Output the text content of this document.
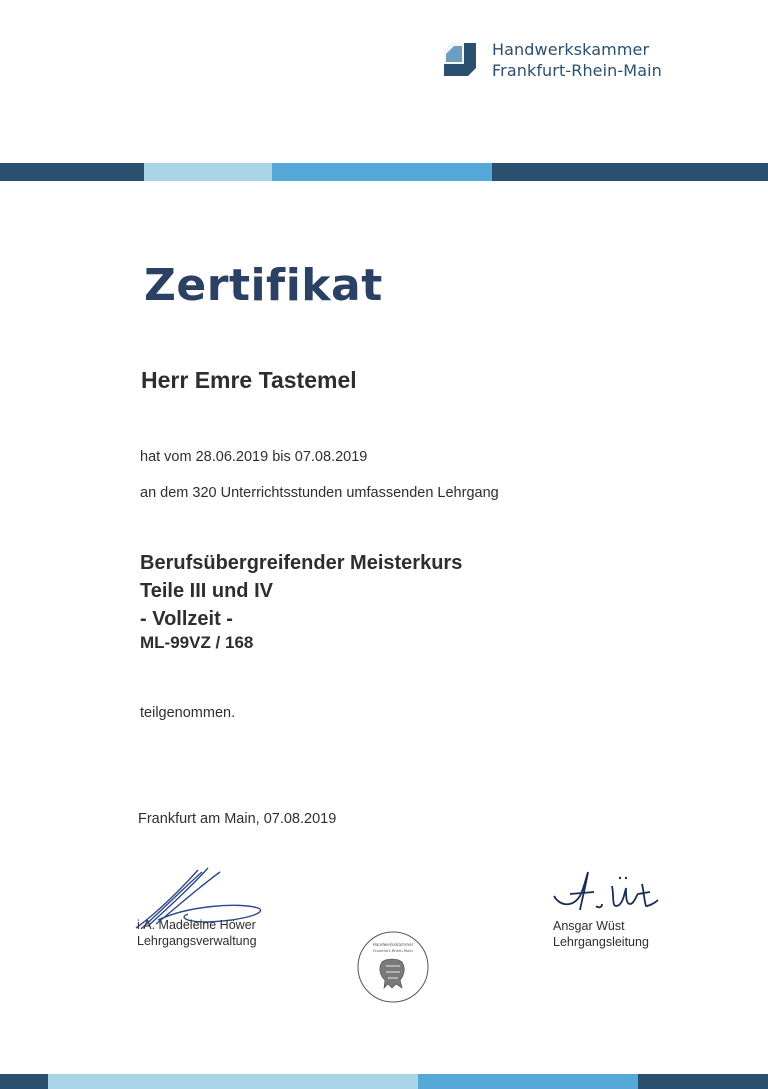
Handwerkskammer
Frankfurt-Rhein-Main
Zertifikat
Herr Emre Tastemel
hat vom 28.06.2019 bis 07.08.2019
an dem 320 Unterrichtsstunden umfassenden Lehrgang
Berufsübergreifender Meisterkurs
Teile III und IV
- Vollzeit -
ML-99VZ / 168
teilgenommen.
Frankfurt am Main, 07.08.2019
i.A. Madeleine Höwer
Lehrgangsverwaltung	Handwerkskammer
Frankfurt-Rhein-Main
Ansgar Wüst
Lehrgangsleitung
